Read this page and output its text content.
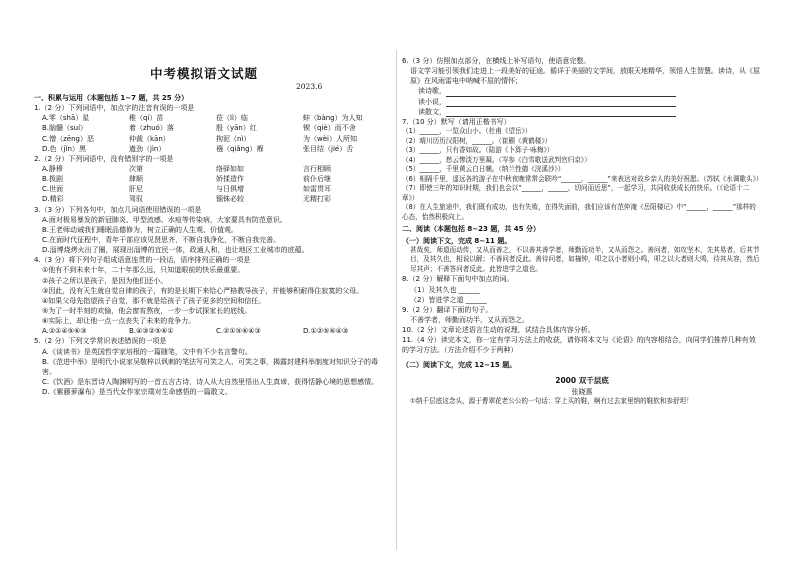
中考模拟语文试题
2023.6

一、积累与运用（本题包括 1~7 题，共 25 分）

1.（2 分）下列词语中，加点字的注音有误的一项是

A.零（shā）星	稚（qí）苗	莅（lì）临	蚌（bàng）为人知
B.脑髓（suí）	着（zhuó）落	殷（yān）红	锲（qiè）而不舍
C.憎（zēng）恶	仲裁（kān）	拘泥（nì）	为（wèi）人所知
D.色（jǐn）黑	遒劲（jìn）	襁（qiǎng）褓	张目结（jié）舌

2.（2 分）下列词语中，没有错别字的一项是

A.静穆	次第	络驿如如	言行相顾
B.拨剧	肆顺	娇揉造作	前仆后继
C.世面	肝尼	与日俱增	如雷贯耳
D.精彩	驾驭	锱铢必较	无精打彩

3.（3 分）下列各句中，加点几词语使用错误的一项是

A.面对极易暴发的新冠肺炎、甲型流感、水痘等传染病，大家要具有防范意识。

B.王老师动诫我们睡眠品德修为，树立正确的人生观、价值观。

C.在面时代征程中，青年干部应该见贤思齐，不断自我净化，不断自我完善。

D.淄博烧烤火出了圈，展现出淄博的宜民一体，政通人和，也让地区工业城市的底蕴。

4.（3 分）将下列句子组成语意连贯的一段话，语序排列正确的一项是

①他有不到未来十年，二十年那么远，只知道眼前的快乐最重要。

②孩子之所以是孩子，是因为他们还小。

③因此，没有天生就自觉自律的孩子，有的是长期下来给心严格教导孩子，并能够积耐得住寂寞的父母。

④如果父母先指望孩子自觉，那不就是给孩子了孩子更多的空间和信任。

⑤为了一时半刻的欢愉，他会窗宵熬夜，一步一步试探家长的底线。

⑥实际上，却让他一点一点丧失了未来的竞争力。

A.②①④⑤⑥③	B.④③②⑤⑥①	C.②①⑤⑥④③	D.①②⑤⑥④③

5.（2 分）下列文学常识表述错误的一项是

A.《谈读书》是英国哲学家培根的一篇随笔，文中有不少名言警句。

B.《范进中举》是明代小说家吴敬梓以讽刺的笔法写可笑之人、可笑之事，揭露封建科举制度对知识分子的毒害。

C.《饮酒》是东晋诗人陶渊明写的一首五言古诗，诗人从大自然里悟出人生真谛，获得恬静心境的思想感情。

D.《紫藤萝瀑布》是当代女作家宗璞对生命感悟的一篇散文。

6.（3 分）仿照加点部分，在横线上补写语句，使语意完整。

语文学习能引领我们走进上一段美好的征途。循详于美丽的文学间，放眼天地精华，领悟人生智慧。读诗，从《屈原》在风雨雷电中呐喊不屈的情怀；

读诗歌，

读小说，

读散文，

7.（10 分）默写（请用正楷书写）

（1）______，一览众山小。（杜甫《望岳》）

（2）晴川历历汉阳树，______。（崔颢《黄鹤楼》）

（3）______，只有香如故。（陆游《卜算子·咏梅》）

（4）______，愁云惨淡万里凝。（岑参《白雪歌送武判官归京》）

（5）______，千里黄云白日曛。（纳兰性德《浣溪沙》）

（6）相隔千里，遥远各的游子在中秋夜晚常常会联吟“______，______”来表达对故乡亲人的美好祝愿。（苏轼《水调歌头》）

（7）即使三年的知识时期，我们也会以“______，______，切问而近思”，一起学习，共同收获成长的快乐。（《论语十二章》）

（8）在人生旅途中，我们既有成功，也有失败，在得失面前，我们应该有范仲淹《岳阳楼记》中“______，______”那样的心态，怡然积极向上。

二、阅读（本题包括 8~23 题，共 45 分）

（一）阅读下文，完成 8~11 题。

甚哉矣，师道而动传，又从而善之，不以善其善学者，师勤而功半，又从而怨之。善问者，如攻坚木，先其易者，后其节目，及其久也，相说以解；不善问者反此。善待问者，如撞钟，叩之以小者则小鸣，叩之以大者则大鸣，待其从容，然后尽其声；不善答问者反此。此皆进学之道也。

8.（2 分）解释下面句中加点的词。

（1）及其久也 ______

（2）皆进学之道 ______

9.（2 分）翻译下面的句子。

不善学者，师勤而功半，又从而怨之。

10.（2 分）文章论述语言生动的说理，试结合具体内容分析。

11.（4 分）读完本文，你一定有学习方法上的收获，请你将本文与《论语》的内容相结合，向同学们推荐几种有效的学习方法。（方法介绍不少于两种）

（二）阅读下文，完成 12~15 题。

2000 双千层底

张晓惠

①纳千层底这念头，源于曹翠花老公公的一句话：穿上买的鞋，啊有过去家里纳的鞋软和参舒坦！
